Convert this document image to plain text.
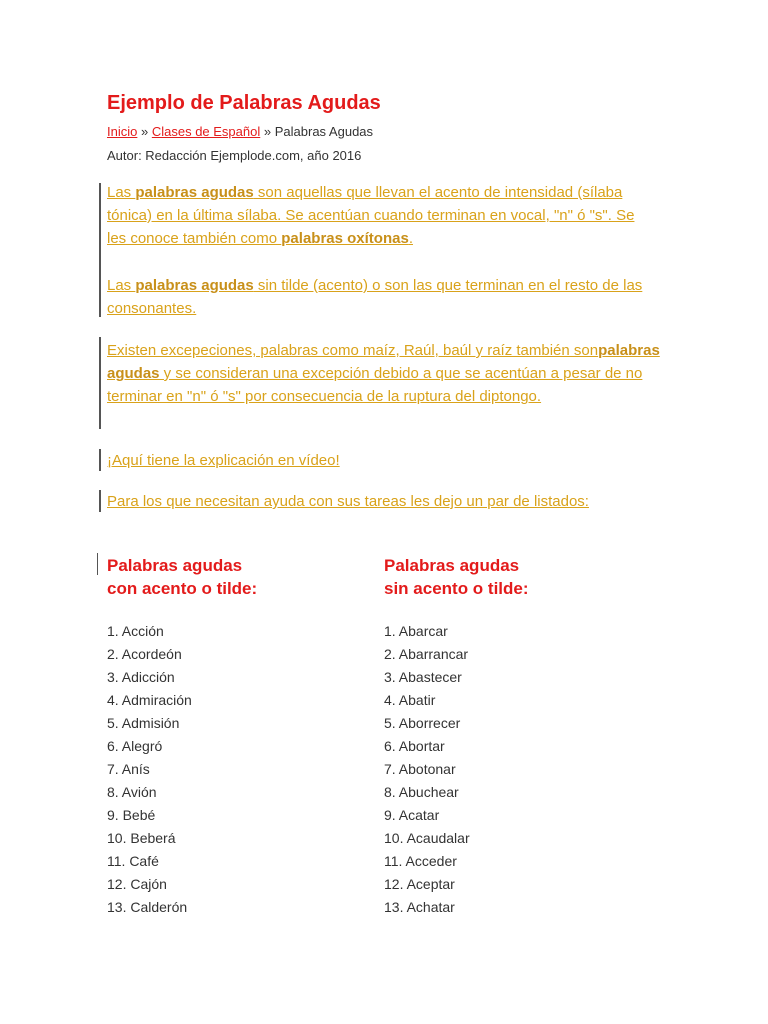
Ejemplo de Palabras Agudas
Inicio » Clases de Español » Palabras Agudas
Autor: Redacción Ejemplode.com, año 2016
Las palabras agudas son aquellas que llevan el acento de intensidad (sílaba tónica) en la última sílaba. Se acentúan cuando terminan en vocal, "n" ó "s". Se les conoce también como palabras oxítonas.
Las palabras agudas sin tilde (acento) o son las que terminan en el resto de las consonantes.
Existen excepeciones, palabras como maíz, Raúl, baúl y raíz también sonpalabras agudas y se consideran una excepción debido a que se acentúan a pesar de no terminar en "n" ó "s" por consecuencia de la ruptura del diptongo.
¡Aquí tiene la explicación en vídeo!
Para los que necesitan ayuda con sus tareas les dejo un par de listados:
Palabras agudas
con acento o tilde:
Palabras agudas
sin acento o tilde:
1. Acción
2. Acordeón
3. Adicción
4. Admiración
5. Admisión
6. Alegró
7. Anís
8. Avión
9. Bebé
10. Beberá
11. Café
12. Cajón
13. Calderón
1. Abarcar
2. Abarrancar
3. Abastecer
4. Abatir
5. Aborrecer
6. Abortar
7. Abotonar
8. Abuchear
9. Acatar
10. Acaudalar
11. Acceder
12. Aceptar
13. Achatar
